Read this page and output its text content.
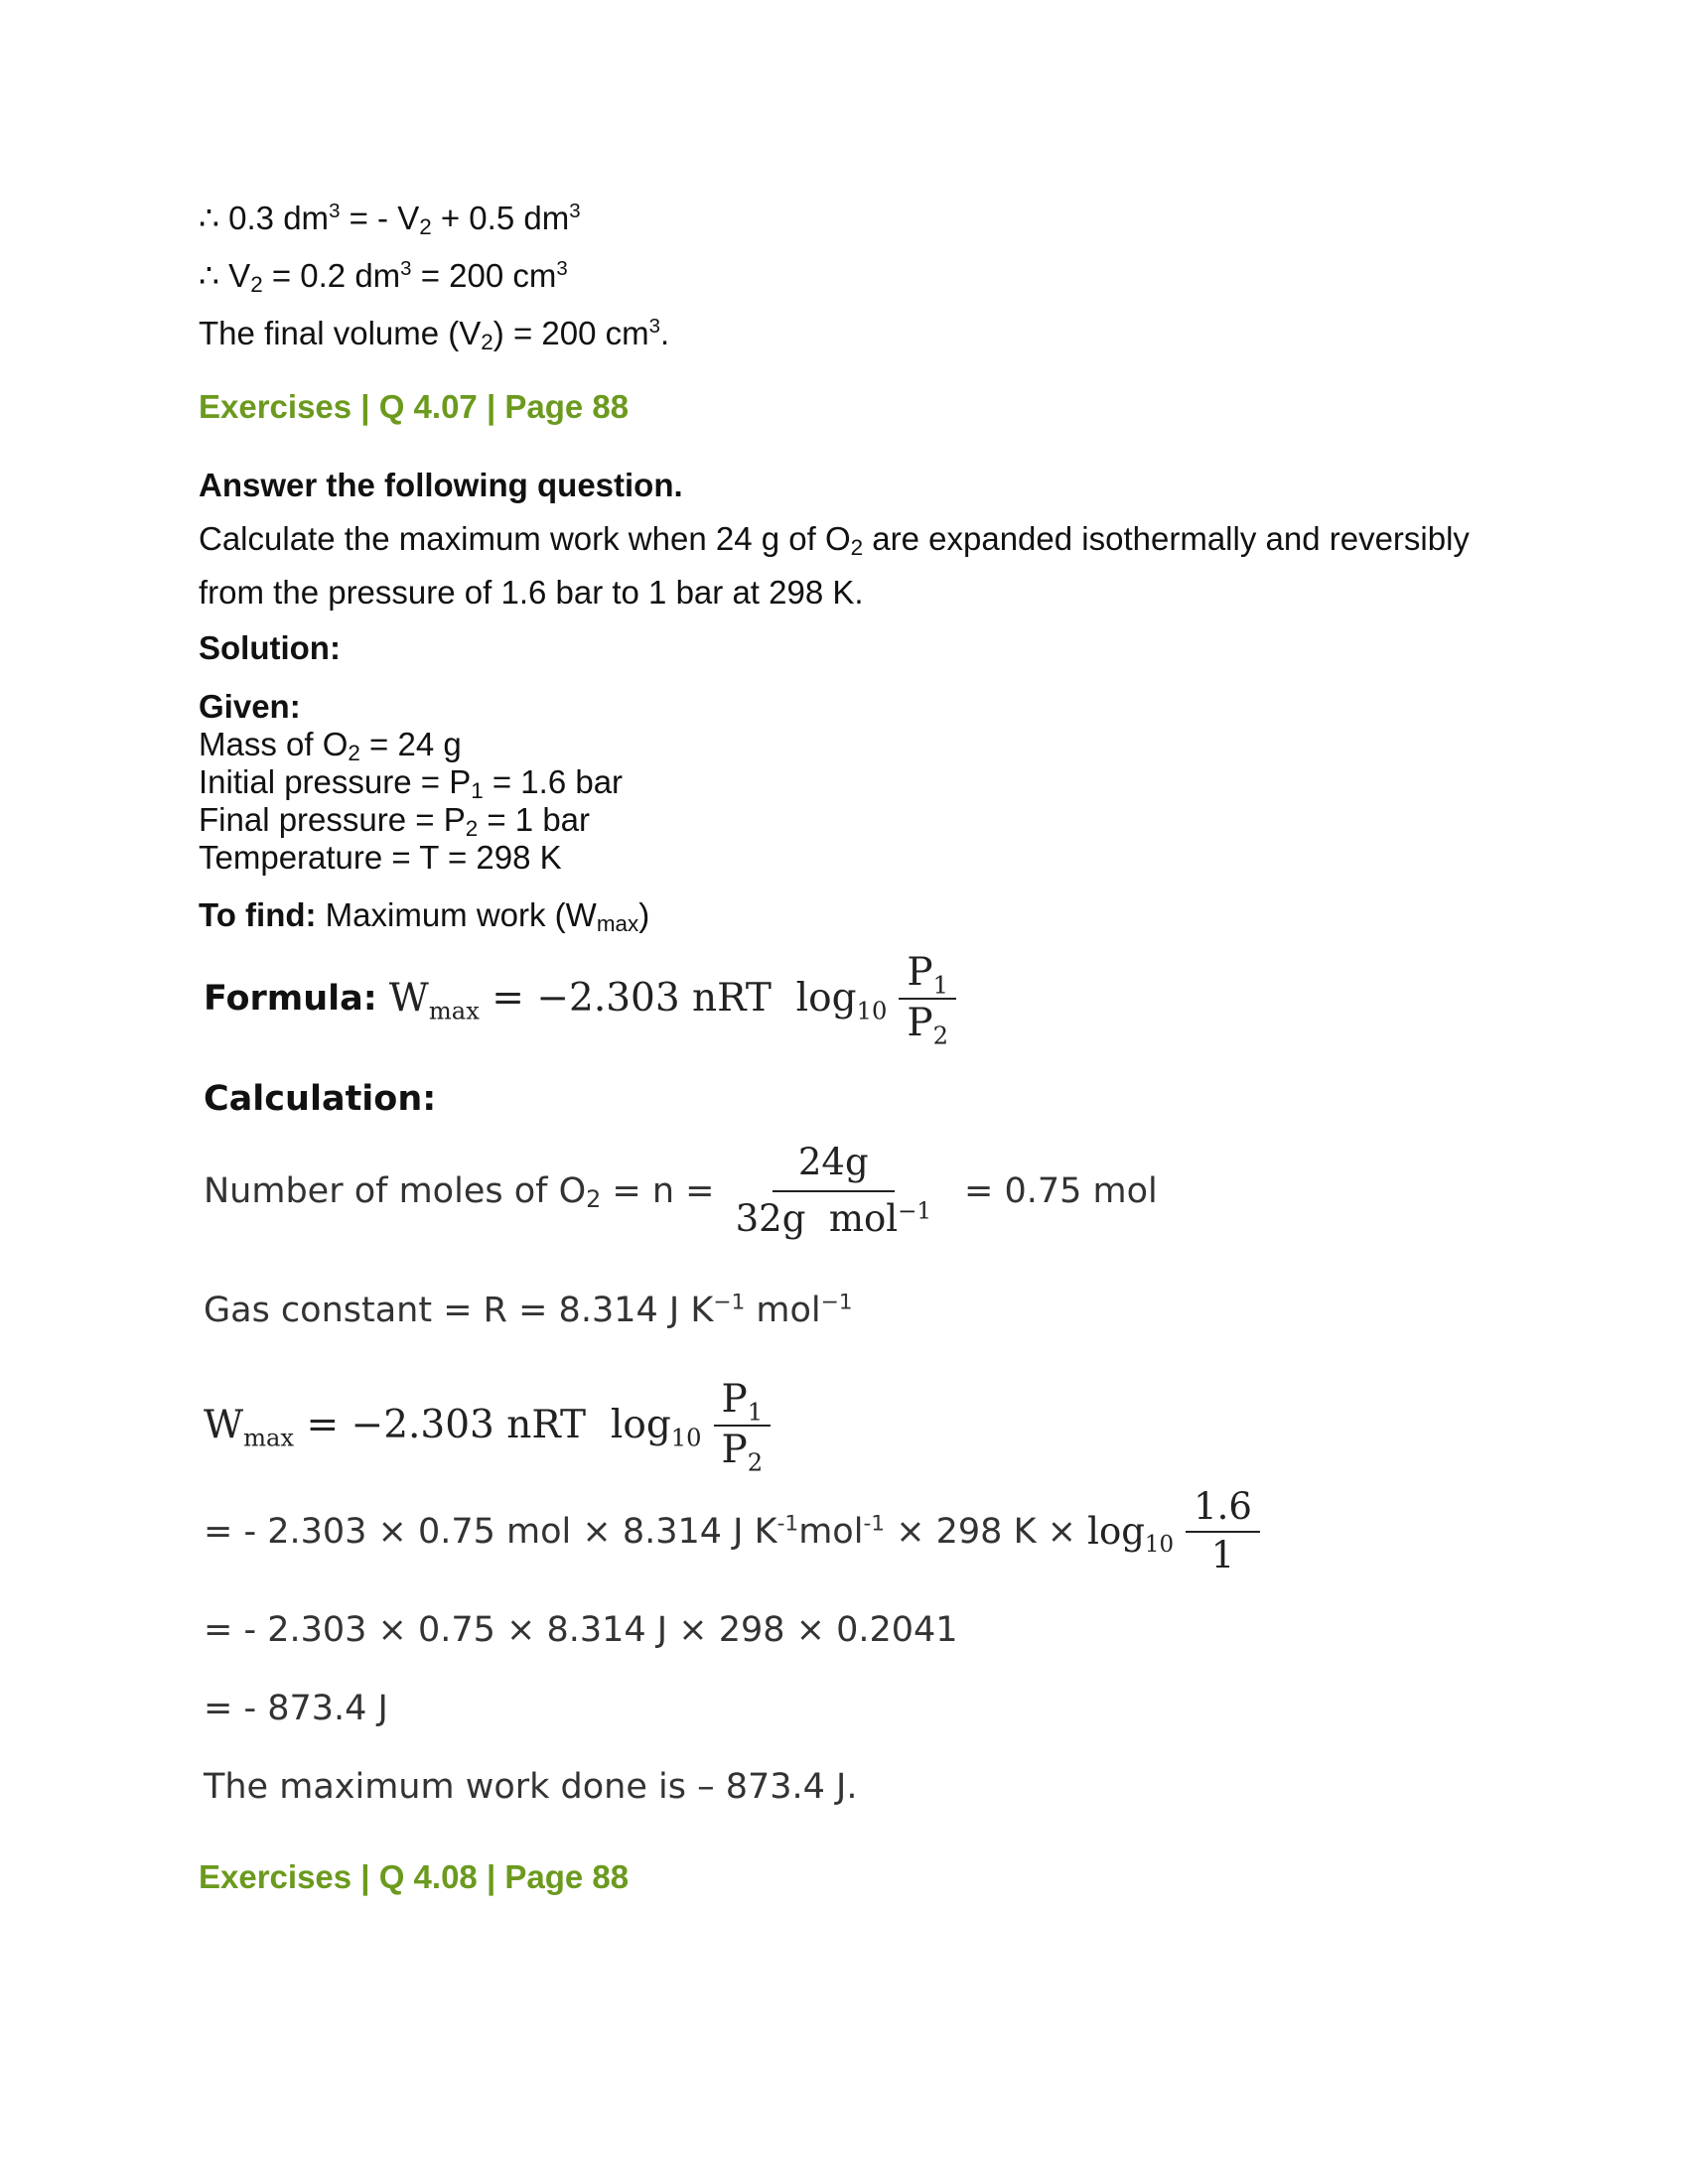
∴ 0.3 $dm^3$ = - $V_2 + 0.5$ $dm^3$
∴ $V_2 = 0.2$ $dm^3 = 200$ $cm^3$
The final volume $(V_2) = 200$ $cm^3$.
Exercises | Q 4.07 | Page 88
Answer the following question.
Calculate the maximum work when 24 g of $O_2$ are expanded isothermally and reversibly
from the pressure of 1.6 bar to 1 bar at 298 K.
Solution:
Given:
Mass of $O_2 = 24$ g
Initial pressure = $P_1 = 1.6$ bar
Final pressure = $P_2 = 1$ bar
Temperature = T = 298 K
To find: Maximum work $(W_{max})$
Formula: $W_{max} = -2.303$ nRT  $\log_{10} \frac{P_1}{P_2}$
Calculation:
Number of moles of $O_2 = n = \frac{24g}{32g mol^{-1}} = 0.75$ mol
Gas constant = R = 8.314 J $K^{-1}$ mol$^{-1}$
$W_{max} = -2.303$ nRT  $\log_{10} \frac{P_1}{P_2}$
= - 2.303 × 0.75 mol × 8.314 J $K^{-1}mol^{-1} \times 298$ $K \times \log_{10} \frac{1.6}{1}$
= - 2.303 × 0.75 × 8.314 J × 298 × 0.2041
= - 873.4 J
The maximum work done is – 873.4 J.
Exercises | Q 4.08 | Page 88
